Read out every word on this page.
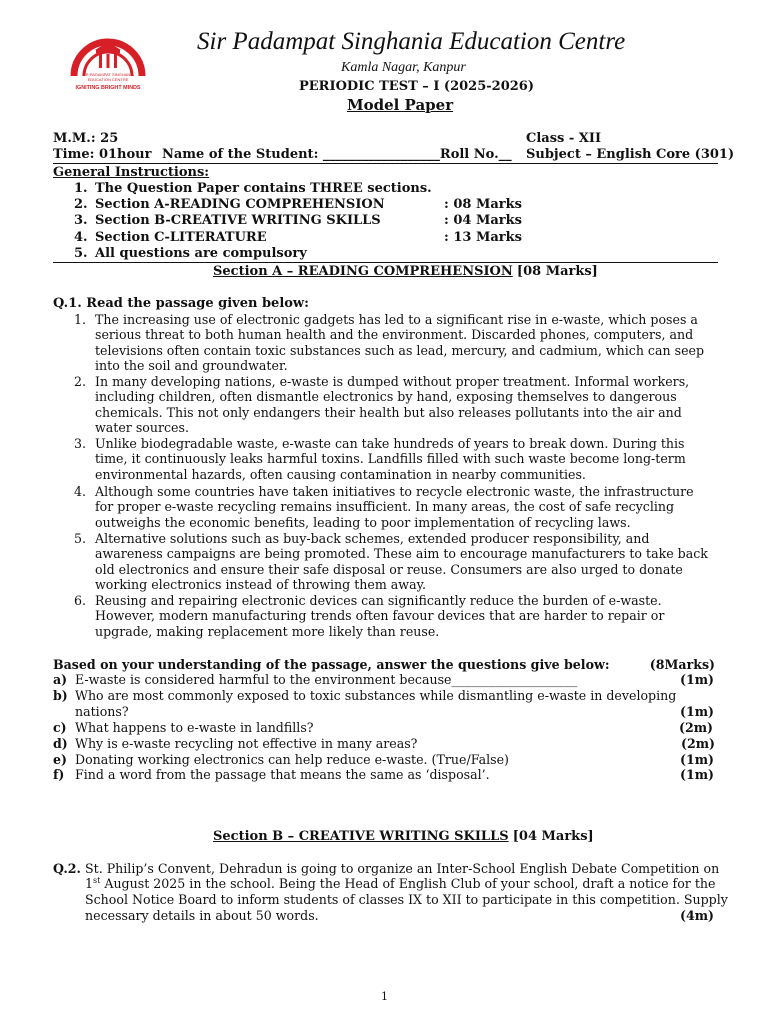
SIR PADAMPAT SINGHANIA
EDUCATION CENTRE
IGNITING BRIGHT MINDS
Sir Padampat Singhania Education Centre
Kamla Nagar, Kanpur
PERIODIC TEST – I (2025-2026)
Model Paper
M.M.: 25	Class - XII
Time: 01hour Name of the Student: __________________Roll No.__ Subject – English Core (301)
General Instructions:
1. The Question Paper contains THREE sections.
2. Section A-READING COMPREHENSION	: 08 Marks
3. Section B-CREATIVE WRITING SKILLS	: 04 Marks
4. Section C-LITERATURE	: 13 Marks
5. All questions are compulsory
Section A – READING COMPREHENSION [08 Marks]
Q.1. Read the passage given below:
1. The increasing use of electronic gadgets has led to a significant rise in e-waste, which poses a serious threat to both human health and the environment. Discarded phones, computers, and televisions often contain toxic substances such as lead, mercury, and cadmium, which can seep into the soil and groundwater.
2. In many developing nations, e-waste is dumped without proper treatment. Informal workers, including children, often dismantle electronics by hand, exposing themselves to dangerous chemicals. This not only endangers their health but also releases pollutants into the air and water sources.
3. Unlike biodegradable waste, e-waste can take hundreds of years to break down. During this time, it continuously leaks harmful toxins. Landfills filled with such waste become long-term environmental hazards, often causing contamination in nearby communities.
4. Although some countries have taken initiatives to recycle electronic waste, the infrastructure for proper e-waste recycling remains insufficient. In many areas, the cost of safe recycling outweighs the economic benefits, leading to poor implementation of recycling laws.
5. Alternative solutions such as buy-back schemes, extended producer responsibility, and awareness campaigns are being promoted. These aim to encourage manufacturers to take back old electronics and ensure their safe disposal or reuse. Consumers are also urged to donate working electronics instead of throwing them away.
6. Reusing and repairing electronic devices can significantly reduce the burden of e-waste. However, modern manufacturing trends often favour devices that are harder to repair or upgrade, making replacement more likely than reuse.
Based on your understanding of the passage, answer the questions give below:	(8Marks)
a) E-waste is considered harmful to the environment because____________________	(1m)
b) Who are most commonly exposed to toxic substances while dismantling e-waste in developing
nations?	(1m)
c) What happens to e-waste in landfills?	(2m)
d) Why is e-waste recycling not effective in many areas?	(2m)
e) Donating working electronics can help reduce e-waste. (True/False)	(1m)
f) Find a word from the passage that means the same as ‘disposal’.	(1m)
Section B – CREATIVE WRITING SKILLS [04 Marks]
Q.2. St. Philip’s Convent, Dehradun is going to organize an Inter-School English Debate Competition on
1st August 2025 in the school. Being the Head of English Club of your school, draft a notice for the
School Notice Board to inform students of classes IX to XII to participate in this competition. Supply
necessary details in about 50 words.	(4m)
1
